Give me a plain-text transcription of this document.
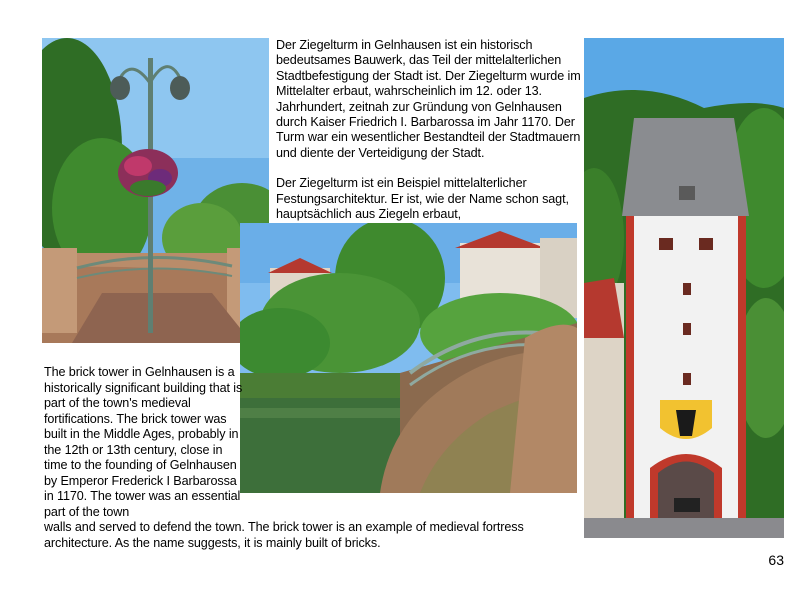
Der Ziegelturm in Gelnhausen ist ein historisch bedeutsames Bauwerk, das Teil der mittelalterlichen Stadtbefestigung der Stadt ist. Der Ziegelturm wurde im Mittelalter erbaut, wahrscheinlich im 12. oder 13. Jahrhundert, zeitnah zur Gründung von Gelnhausen durch Kaiser Friedrich I. Barbarossa im Jahr 1170. Der Turm war ein wesentlicher Bestandteil der Stadtmauern und diente der Verteidigung der Stadt.

Der Ziegelturm ist ein Beispiel mittelalterlicher Festungsarchitektur. Er ist, wie der Name schon sagt, hauptsächlich aus Ziegeln erbaut,

The brick tower in Gelnhausen is a historically significant building that is part of the town's medieval fortifications. The brick tower was built in the Middle Ages, probably in the 12th or 13th century, close in time to the founding of Gelnhausen by Emperor Frederick I Barbarossa in 1170. The tower was an essential part of the town
walls and served to defend the town. The brick tower is an example of medieval fortress architecture. As the name suggests, it is mainly built of bricks.
63
